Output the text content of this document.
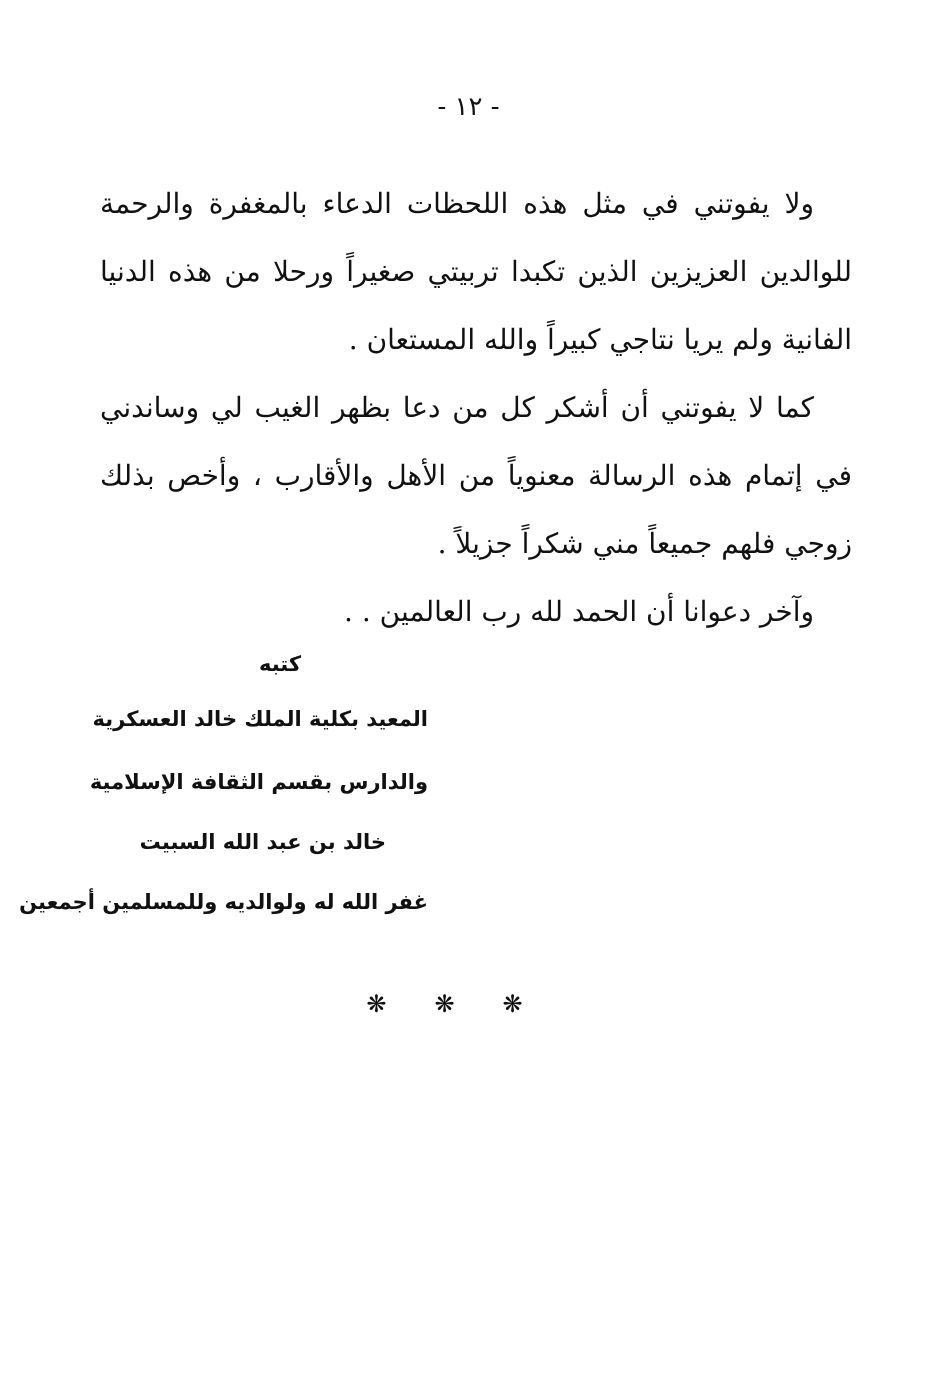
- ١٢ -

ولا يفوتني في مثل هذه اللحظات الدعاء بالمغفرة والرحمة للوالدين العزيزين الذين تكبدا تربيتي صغيراً ورحلا من هذه الدنيا الفانية ولم يريا نتاجي كبيراً والله المستعان .

كما لا يفوتني أن أشكر كل من دعا بظهر الغيب لي وساندني في إتمام هذه الرسالة معنوياً من الأهل والأقارب ، وأخص بذلك زوجي فلهم جميعاً مني شكراً جزيلاً .

وآخر دعوانا أن الحمد لله رب العالمين . .

كتبه
المعيد بكلية الملك خالد العسكرية
والدارس بقسم الثقافة الإسلامية
خالد بن عبد الله السبيت
غفر الله له ولوالديه وللمسلمين أجمعين
❋❋❋
